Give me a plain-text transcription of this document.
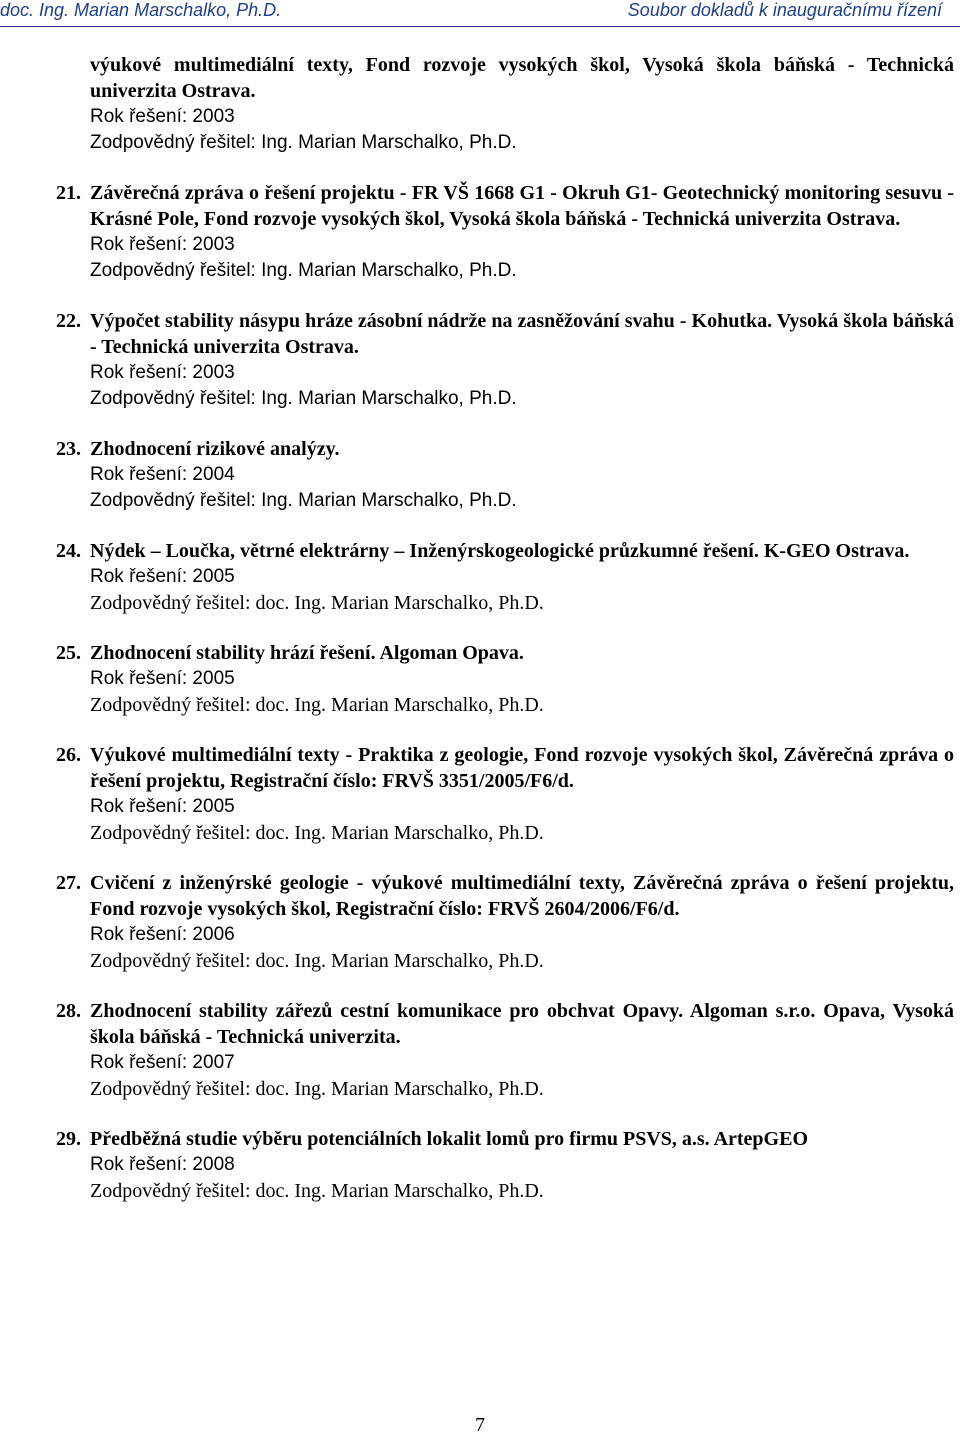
doc. Ing. Marian Marschalko, Ph.D.	Soubor dokladů k inauguračnímu řízení
výukové multimediální texty, Fond rozvoje vysokých škol, Vysoká škola báňská - Technická univerzita Ostrava.
Rok řešení: 2003
Zodpovědný řešitel: Ing. Marian Marschalko, Ph.D.
21. Závěrečná zpráva o řešení projektu - FR VŠ 1668 G1 - Okruh G1- Geotechnický monitoring sesuvu - Krásné Pole, Fond rozvoje vysokých škol, Vysoká škola báňská - Technická univerzita Ostrava.
Rok řešení: 2003
Zodpovědný řešitel: Ing. Marian Marschalko, Ph.D.
22. Výpočet stability násypu hráze zásobní nádrže na zasněžování svahu - Kohutka. Vysoká škola báňská - Technická univerzita Ostrava.
Rok řešení: 2003
Zodpovědný řešitel: Ing. Marian Marschalko, Ph.D.
23. Zhodnocení rizikové analýzy.
Rok řešení: 2004
Zodpovědný řešitel: Ing. Marian Marschalko, Ph.D.
24. Nýdek – Loučka, větrné elektrárny – Inženýrskogeologické průzkumné řešení. K-GEO Ostrava.
Rok řešení: 2005
Zodpovědný řešitel: doc. Ing. Marian Marschalko, Ph.D.
25. Zhodnocení stability hrází řešení. Algoman Opava.
Rok řešení: 2005
Zodpovědný řešitel: doc. Ing. Marian Marschalko, Ph.D.
26. Výukové multimediální texty - Praktika z geologie, Fond rozvoje vysokých škol, Závěrečná zpráva o řešení projektu, Registrační číslo: FRVŠ 3351/2005/F6/d.
Rok řešení: 2005
Zodpovědný řešitel: doc. Ing. Marian Marschalko, Ph.D.
27. Cvičení z inženýrské geologie - výukové multimediální texty, Závěrečná zpráva o řešení projektu, Fond rozvoje vysokých škol, Registrační číslo: FRVŠ 2604/2006/F6/d.
Rok řešení: 2006
Zodpovědný řešitel: doc. Ing. Marian Marschalko, Ph.D.
28. Zhodnocení stability zářezů cestní komunikace pro obchvat Opavy. Algoman s.r.o. Opava, Vysoká škola báňská - Technická univerzita.
Rok řešení: 2007
Zodpovědný řešitel: doc. Ing. Marian Marschalko, Ph.D.
29. Předběžná studie výběru potenciálních lokalit lomů pro firmu PSVS, a.s. ArtepGEO
Rok řešení: 2008
Zodpovědný řešitel: doc. Ing. Marian Marschalko, Ph.D.
7
